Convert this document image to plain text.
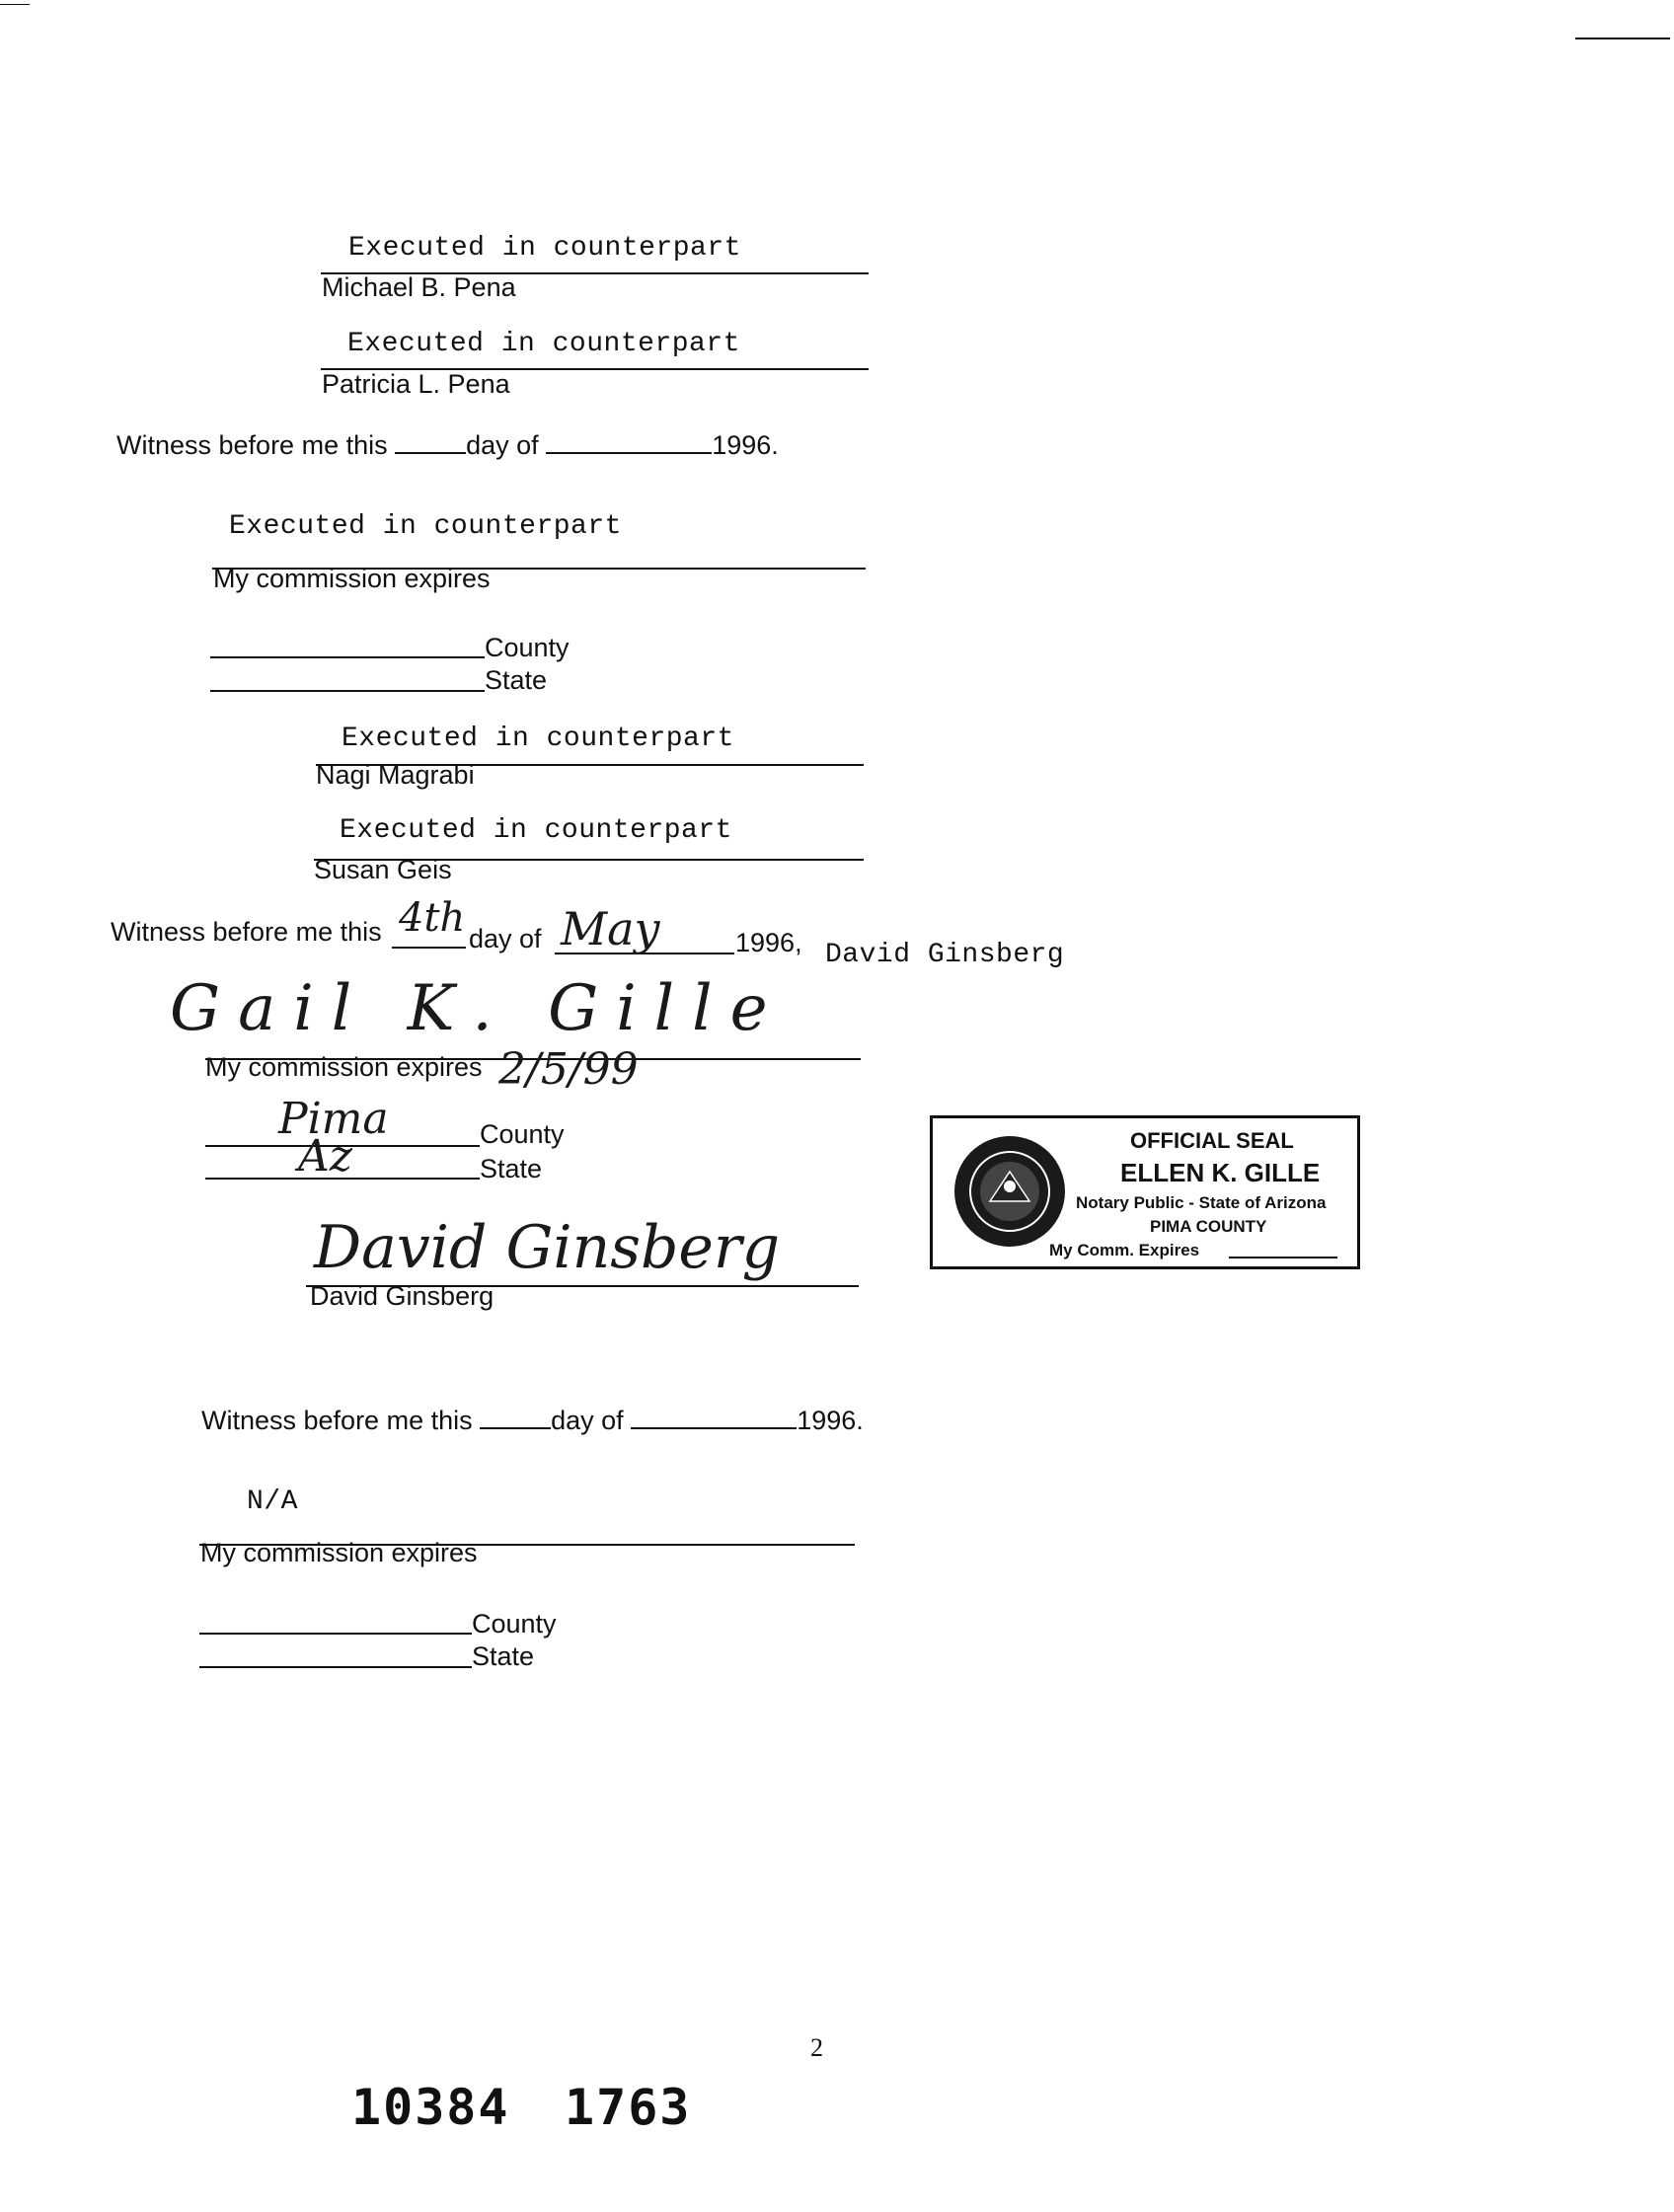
Executed in counterpart
Michael B. Pena
Executed in counterpart
Patricia L. Pena
Witness before me this	day of	1996.
Executed in counterpart
My commission expires
County
State
Executed in counterpart
Nagi Magrabi
Executed in counterpart
Susan Geis
Witness before me this 4th day of May	1996, David Ginsberg
Gail K. Gille
My commission expires 2/5/99
Pima	County
Az	State
David Ginsberg
David Ginsberg
OFFICIAL SEAL
ELLEN K. GILLE
Notary Public - State of Arizona
PIMA COUNTY
My Comm. Expires
Witness before me this	day of	1996.
N/A
My commission expires
County
State
2
10384 1763
